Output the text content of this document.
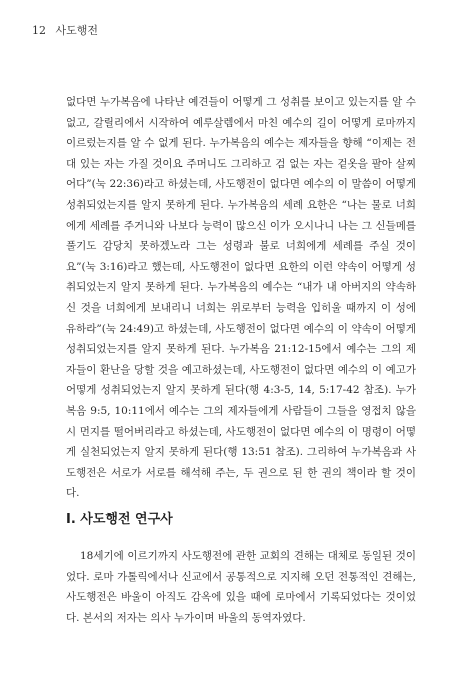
12 사도행전

없다면 누가복음에 나타난 예견들이 어떻게 그 성취를 보이고 있는지를 알 수 없고, 갈릴리에서 시작하여 예루살렘에서 마친 예수의 길이 어떻게 로마까지 이르렀는지를 알 수 없게 된다. 누가복음의 예수는 제자들을 향해 “이제는 전대 있는 자는 가질 것이요 주머니도 그리하고 검 없는 자는 겉옷을 팔아 살찌어다”(눅 22:36)라고 하셨는데, 사도행전이 없다면 예수의 이 말씀이 어떻게 성취되었는지를 알지 못하게 된다. 누가복음의 세례 요한은 “나는 물로 너희에게 세례를 주거니와 나보다 능력이 많으신 이가 오시나니 나는 그 신들메를 풀기도 감당치 못하겠노라 그는 성령과 불로 너희에게 세례를 주실 것이요”(눅 3:16)라고 했는데, 사도행전이 없다면 요한의 이런 약속이 어떻게 성취되었는지 알지 못하게 된다. 누가복음의 예수는 “내가 내 아버지의 약속하신 것을 너희에게 보내리니 너희는 위로부터 능력을 입히울 때까지 이 성에 유하라”(눅 24:49)고 하셨는데, 사도행전이 없다면 예수의 이 약속이 어떻게 성취되었는지를 알지 못하게 된다. 누가복음 21:12-15에서 예수는 그의 제자들이 환난을 당할 것을 예고하셨는데, 사도행전이 없다면 예수의 이 예고가 어떻게 성취되었는지 알지 못하게 된다(행 4:3-5, 14, 5:17-42 참조). 누가복음 9:5, 10:11에서 예수는 그의 제자들에게 사람들이 그들을 영접치 않을 시 먼지를 떨어버리라고 하셨는데, 사도행전이 없다면 예수의 이 명령이 어떻게 실천되었는지 알지 못하게 된다(행 13:51 참조). 그리하여 누가복음과 사도행전은 서로가 서로를 해석해 주는, 두 권으로 된 한 권의 책이라 할 것이다.

I. 사도행전 연구사

18세기에 이르기까지 사도행전에 관한 교회의 견해는 대체로 동일된 것이었다. 로마 가톨릭에서나 신교에서 공통적으로 지지해 오던 전통적인 견해는, 사도행전은 바울이 아직도 감옥에 있을 때에 로마에서 기록되었다는 것이었다. 본서의 저자는 의사 누가이며 바울의 동역자였다.
